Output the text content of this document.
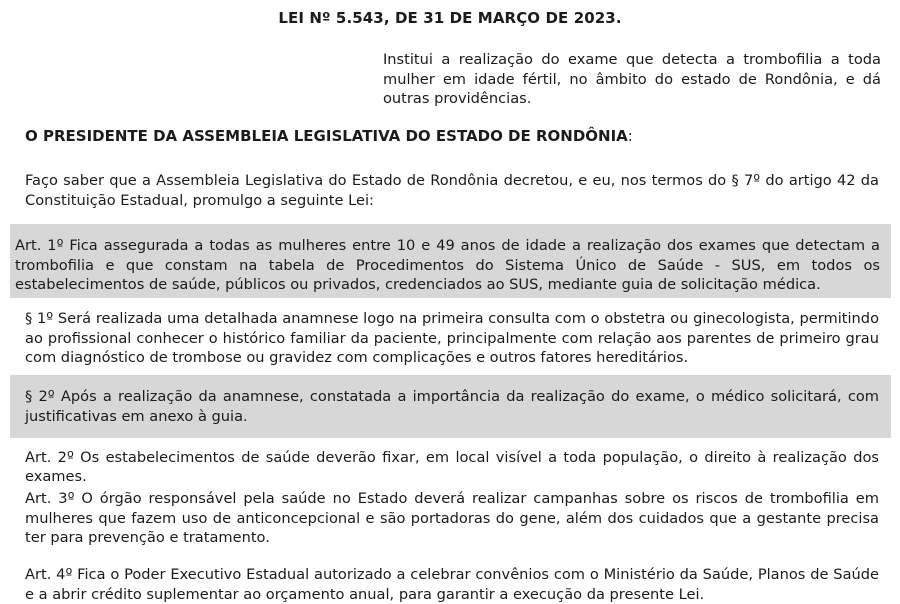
LEI Nº 5.543, DE 31 DE MARÇO DE 2023.
Institui a realização do exame que detecta a trombofilia a toda mulher em idade fértil, no âmbito do estado de Rondônia, e dá outras providências.
O PRESIDENTE DA ASSEMBLEIA LEGISLATIVA DO ESTADO DE RONDÔNIA:
Faço saber que a Assembleia Legislativa do Estado de Rondônia decretou, e eu, nos termos do § 7º do artigo 42 da Constituição Estadual, promulgo a seguinte Lei:
Art. 1º Fica assegurada a todas as mulheres entre 10 e 49 anos de idade a realização dos exames que detectam a trombofilia e que constam na tabela de Procedimentos do Sistema Único de Saúde - SUS, em todos os estabelecimentos de saúde, públicos ou privados, credenciados ao SUS, mediante guia de solicitação médica.
§ 1º Será realizada uma detalhada anamnese logo na primeira consulta com o obstetra ou ginecologista, permitindo ao profissional conhecer o histórico familiar da paciente, principalmente com relação aos parentes de primeiro grau com diagnóstico de trombose ou gravidez com complicações e outros fatores hereditários.
§ 2º Após a realização da anamnese, constatada a importância da realização do exame, o médico solicitará, com justificativas em anexo à guia.
Art. 2º Os estabelecimentos de saúde deverão fixar, em local visível a toda população, o direito à realização dos exames.
Art. 3º O órgão responsável pela saúde no Estado deverá realizar campanhas sobre os riscos de trombofilia em mulheres que fazem uso de anticoncepcional e são portadoras do gene, além dos cuidados que a gestante precisa ter para prevenção e tratamento.
Art. 4º Fica o Poder Executivo Estadual autorizado a celebrar convênios com o Ministério da Saúde, Planos de Saúde e a abrir crédito suplementar ao orçamento anual, para garantir a execução da presente Lei.
